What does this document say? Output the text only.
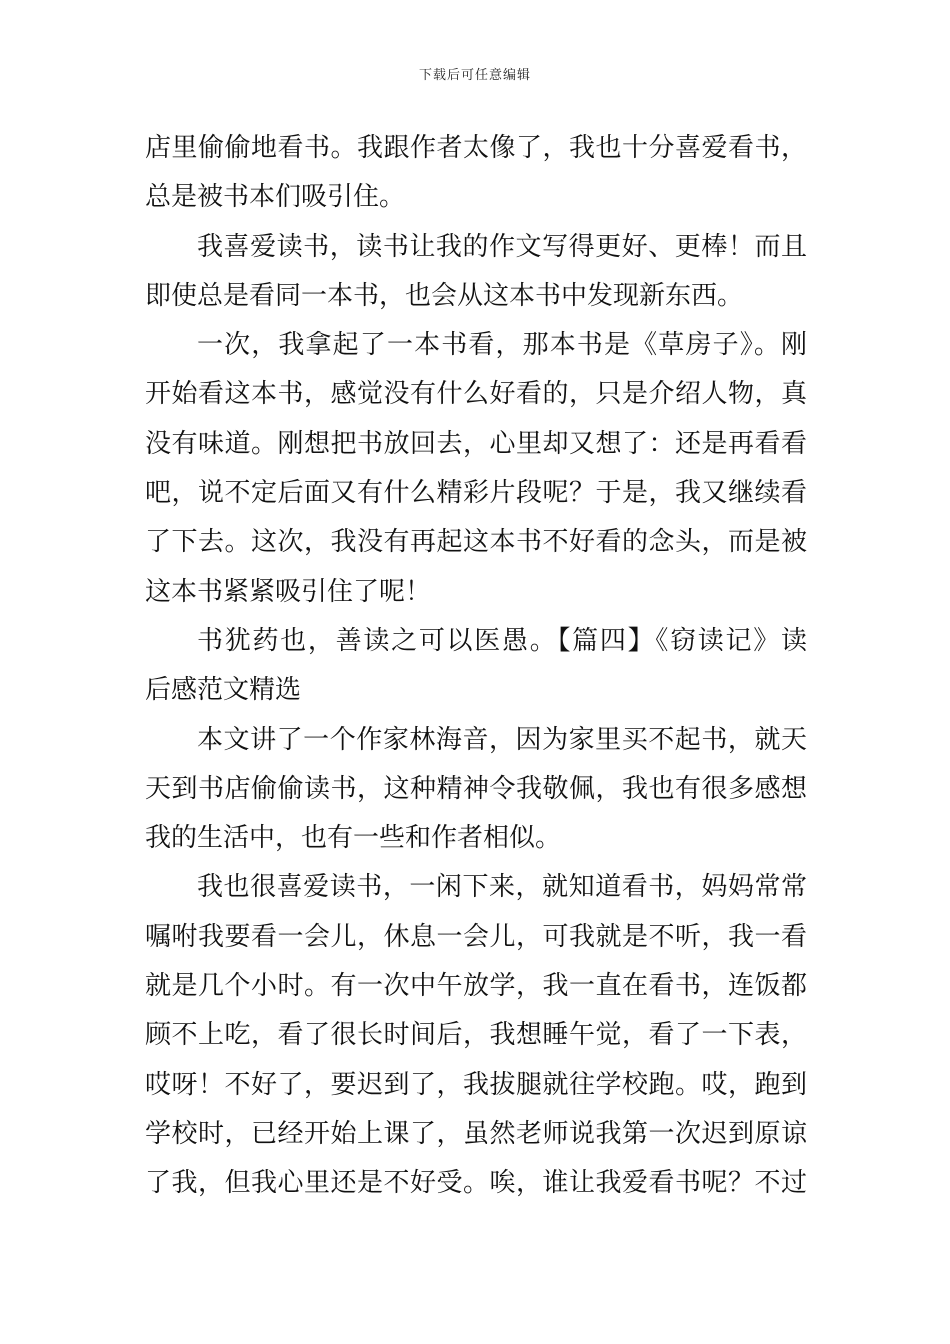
下载后可任意编辑
店里偷偷地看书。我跟作者太像了，我也十分喜爱看书，
总是被书本们吸引住。
我喜爱读书，读书让我的作文写得更好、更棒！而且
即使总是看同一本书，也会从这本书中发现新东西。
一次，我拿起了一本书看，那本书是《草房子》。刚
开始看这本书，感觉没有什么好看的，只是介绍人物，真
没有味道。刚想把书放回去，心里却又想了：还是再看看
吧，说不定后面又有什么精彩片段呢？于是，我又继续看
了下去。这次，我没有再起这本书不好看的念头，而是被
这本书紧紧吸引住了呢！
书犹药也，善读之可以医愚。【篇四】《窃读记》读
后感范文精选
本文讲了一个作家林海音，因为家里买不起书，就天
天到书店偷偷读书，这种精神令我敬佩，我也有很多感想
我的生活中，也有一些和作者相似。
我也很喜爱读书，一闲下来，就知道看书，妈妈常常
嘱咐我要看一会儿，休息一会儿，可我就是不听，我一看
就是几个小时。有一次中午放学，我一直在看书，连饭都
顾不上吃，看了很长时间后，我想睡午觉，看了一下表，
哎呀！不好了，要迟到了，我拔腿就往学校跑。哎，跑到
学校时，已经开始上课了，虽然老师说我第一次迟到原谅
了我，但我心里还是不好受。唉，谁让我爱看书呢？不过
